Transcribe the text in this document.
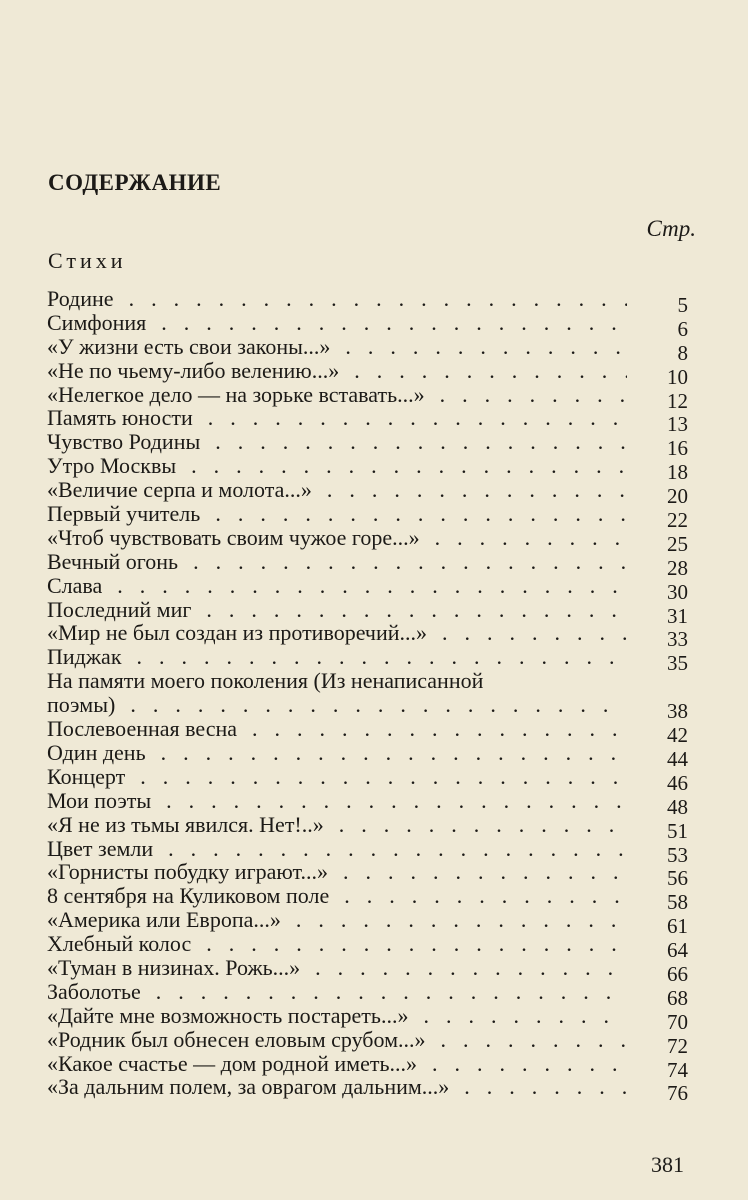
СОДЕРЖАНИЕ
Стр.
Стихи
Родине . .	5
Симфония . .	6
«У жизни есть свои законы...» . .	8
«Не по чьему-либо велению...» . .	10
«Нелегкое дело — на зорьке вставать...» . .	12
Память юности . .	13
Чувство Родины . .	16
Утро Москвы . .	18
«Величие серпа и молота...» . .	20
Первый учитель . .	22
«Чтоб чувствовать своим чужое горе...» . .	25
Вечный огонь . .	28
Слава . .	30
Последний миг . .	31
«Мир не был создан из противоречий...» . .	33
Пиджак . .	35
На памяти моего поколения (Из ненаписанной поэмы) . .	38
Послевоенная весна . .	42
Один день . .	44
Концерт . .	46
Мои поэты . .	48
«Я не из тьмы явился. Нет!..» . .	51
Цвет земли . .	53
«Горнисты побудку играют...» . .	56
8 сентября на Куликовом поле . .	58
«Америка или Европа...» . .	61
Хлебный колос . .	64
«Туман в низинах. Рожь...» . .	66
Заболотье . .	68
«Дайте мне возможность постареть...» . .	70
«Родник был обнесен еловым срубом...» . .	72
«Какое счастье — дом родной иметь...» . .	74
«За дальним полем, за оврагом дальним...» . .	76
381
